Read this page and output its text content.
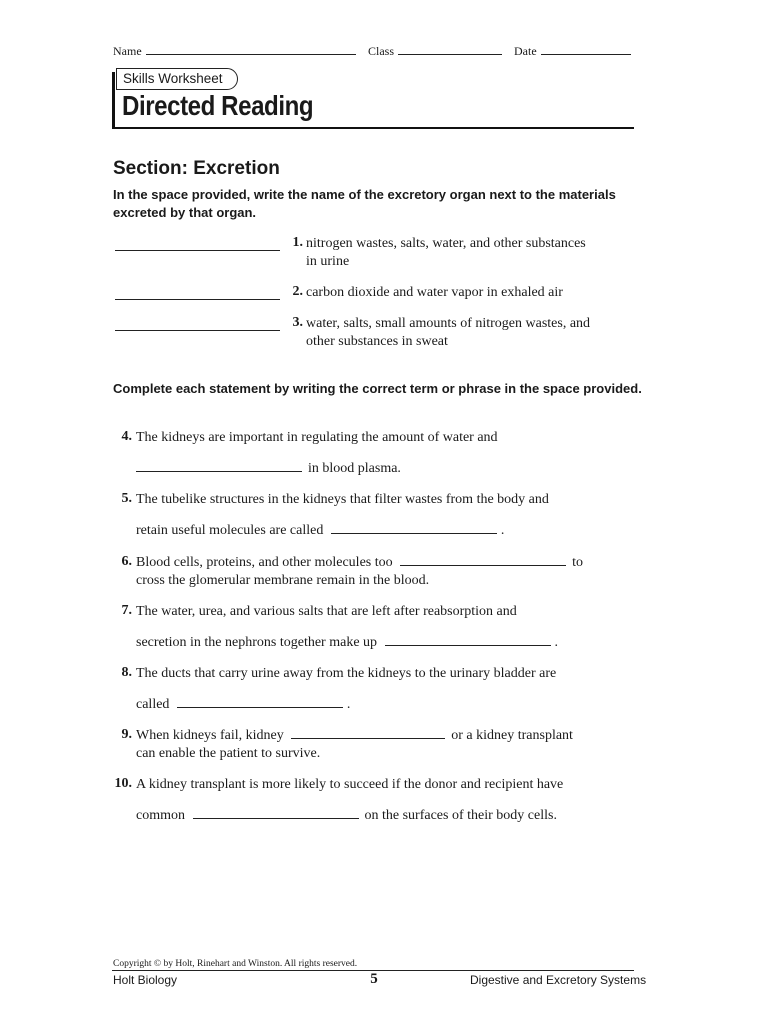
Name	Class	Date
Skills Worksheet
Directed Reading
Section: Excretion
In the space provided, write the name of the excretory organ next to the materials excreted by that organ.
1. nitrogen wastes, salts, water, and other substances
in urine
2. carbon dioxide and water vapor in exhaled air
3. water, salts, small amounts of nitrogen wastes, and
other substances in sweat
Complete each statement by writing the correct term or phrase in the space provided.
4. The kidneys are important in regulating the amount of water and
in blood plasma.
5. The tubelike structures in the kidneys that filter wastes from the body and
retain useful molecules are called	.
6. Blood cells, proteins, and other molecules too	to
cross the glomerular membrane remain in the blood.
7. The water, urea, and various salts that are left after reabsorption and
secretion in the nephrons together make up	.
8. The ducts that carry urine away from the kidneys to the urinary bladder are
called	.
9. When kidneys fail, kidney	or a kidney transplant
can enable the patient to survive.
10. A kidney transplant is more likely to succeed if the donor and recipient have
common	on the surfaces of their body cells.
Copyright © by Holt, Rinehart and Winston. All rights reserved.
Holt Biology	5	Digestive and Excretory Systems
